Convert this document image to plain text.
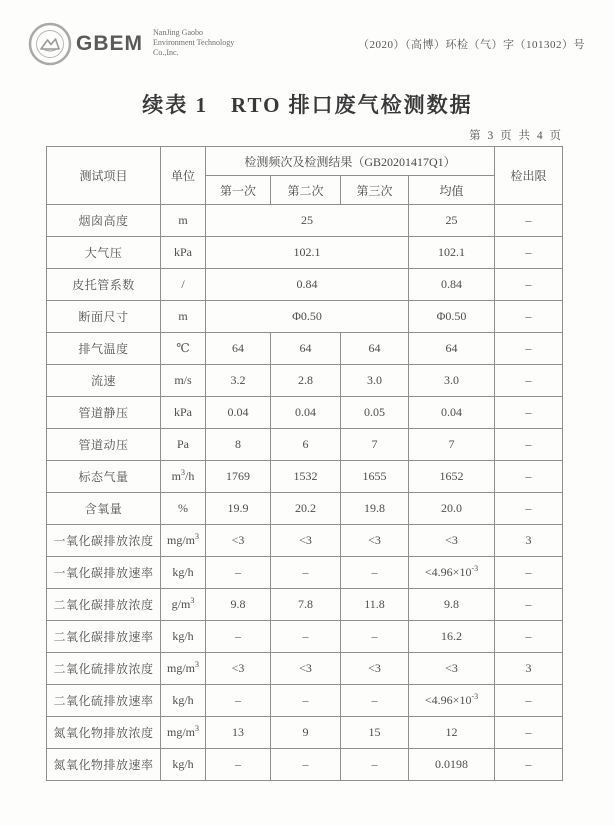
GBEM NanJing Gaobo
Environment Technology
Co.,Inc.
（2020）（高博）环检（气）字（101302）号
续表 1　RTO 排口废气检测数据
第 3 页 共 4 页
测试项目	单位	检测频次及检测结果（GB20201417Q1）				检出限
		第一次	第二次	第三次	均值	
烟囱高度	m	25			25	–
大气压	kPa	102.1			102.1	–
皮托管系数	/	0.84			0.84	–
断面尺寸	m	Φ0.50			Φ0.50	–
排气温度	℃	64	64	64	64	–
流速	m/s	3.2	2.8	3.0	3.0	–
管道静压	kPa	0.04	0.04	0.05	0.04	–
管道动压	Pa	8	6	7	7	–
标态气量	$m^3/h$	1769	1532	1655	1652	–
含氧量	%	19.9	20.2	19.8	20.0	–
一氧化碳排放浓度	$mg/m^3$	<3	<3	<3	<3	3
一氧化碳排放速率	kg/h	–	–	–	$<4.96\times 10^{-3}$	–
二氧化碳排放浓度	$g/m^3$	9.8	7.8	11.8	9.8	–
二氧化碳排放速率	kg/h	–	–	–	16.2	–
二氧化硫排放浓度	$mg/m^3$	<3	<3	<3	<3	3
二氧化硫排放速率	kg/h	–	–	–	$<4.96\times 10^{-3}$	–
氮氧化物排放浓度	$mg/m^3$	13	9	15	12	–
氮氧化物排放速率	kg/h	–	–	–	0.0198	–
